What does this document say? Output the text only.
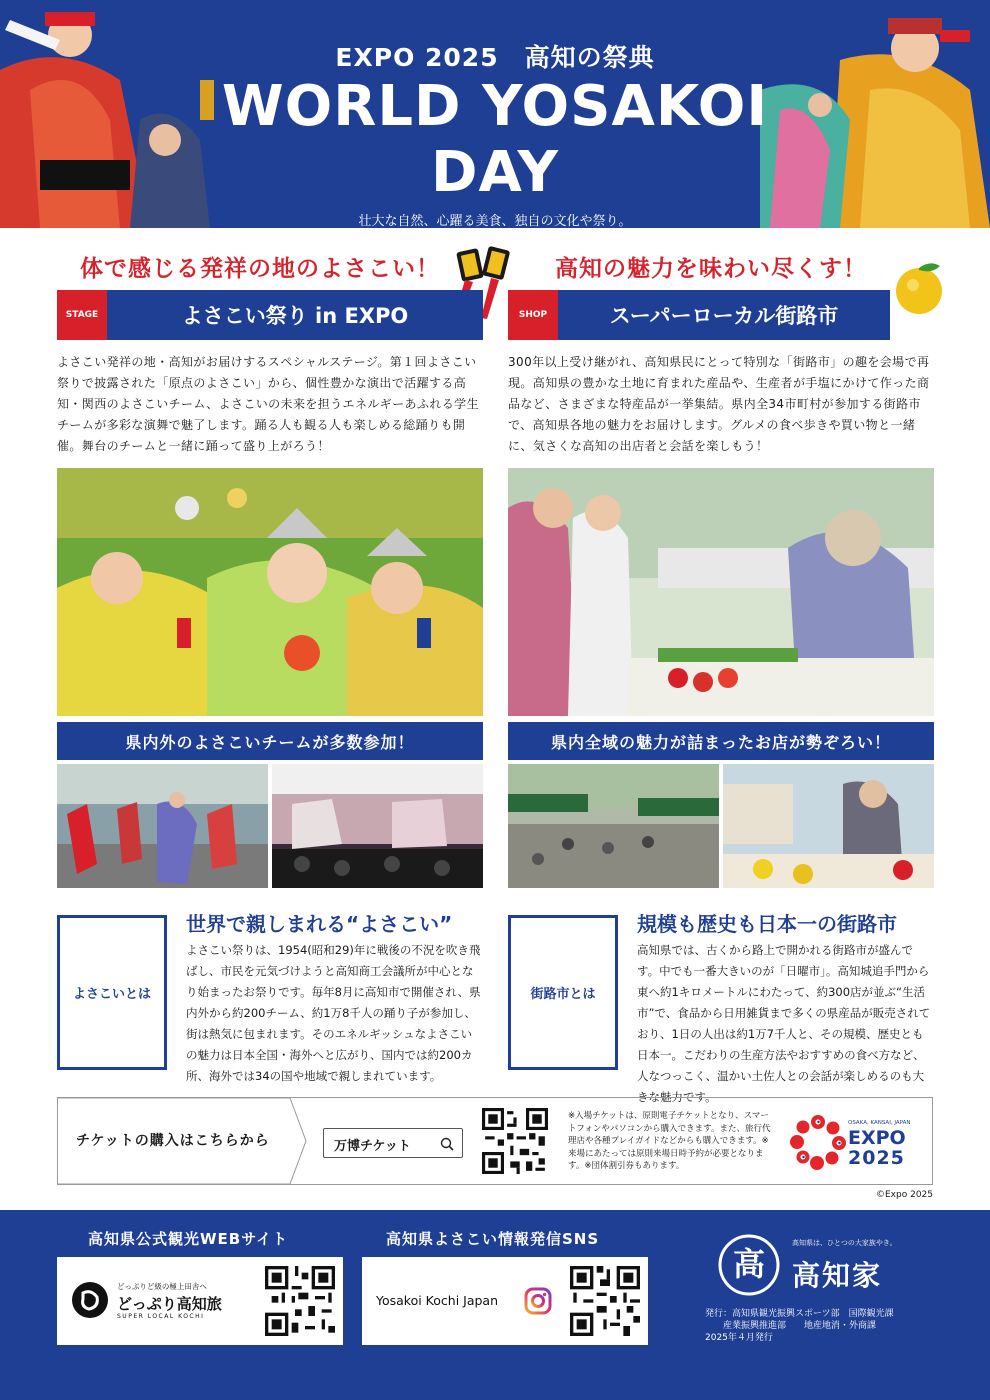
EXPO 2025　高知の祭典
WORLD YOSAKOI DAY
壮大な自然、心躍る美食、独自の文化や祭り。
日本が誇る極上の田舎 “SUPER LOCAL 高知”の魅力を体験できる特別な２日間！
体で感じる発祥の地のよさこい！
STAGE	よさこい祭り in EXPO
よさこい発祥の地・高知がお届けするスペシャルステージ。第１回よさこい祭りで披露された「原点のよさこい」から、個性豊かな演出で活躍する高知・関西のよさこいチーム、よさこいの未来を担うエネルギーあふれる学生チームが多彩な演舞で魅了します。踊る人も観る人も楽しめる総踊りも開催。舞台のチームと一緒に踊って盛り上がろう！
県内外のよさこいチームが多数参加！
高知の魅力を味わい尽くす！
SHOP	スーパーローカル街路市
300年以上受け継がれ、高知県民にとって特別な「街路市」の趣を会場で再現。高知県の豊かな土地に育まれた産品や、生産者が手塩にかけて作った商品など、さまざまな特産品が一挙集結。県内全34市町村が参加する街路市で、高知県各地の魅力をお届けします。グルメの食べ歩きや買い物と一緒に、気さくな高知の出店者と会話を楽しもう！
県内全域の魅力が詰まったお店が勢ぞろい！
よさこいとは
世界で親しまれる“よさこい”
よさこい祭りは、1954(昭和29)年に戦後の不況を吹き飛ばし、市民を元気づけようと高知商工会議所が中心となり始まったお祭りです。毎年8月に高知市で開催され、県内外から約200チーム、約1万8千人の踊り子が参加し、街は熱気に包まれます。そのエネルギッシュなよさこいの魅力は日本全国・海外へと広がり、国内では約200カ所、海外では34の国や地域で親しまれています。
街路市とは
規模も歴史も日本一の街路市
高知県では、古くから路上で開かれる街路市が盛んです。中でも一番大きいのが「日曜市」。高知城追手門から東へ約1キロメートルにわたって、約300店が並ぶ“生活市”で、食品から日用雑貨まで多くの県産品が販売されており、1日の人出は約1万7千人と、その規模、歴史とも日本一。こだわりの生産方法やおすすめの食べ方など、人なつっこく、温かい土佐人との会話が楽しめるのも大きな魅力です。
チケットの購入はこちらから	万博チケット
※入場チケットは、原則電子チケットとなり、スマートフォンやパソコンから購入できます。また、旅行代理店や各種プレイガイドなどからも購入できます。※来場にあたっては原則来場日時予約が必要となります。※団体割引券もあります。
OSAKA, KANSAI, JAPAN
EXPO
2025
©Expo 2025
高知県公式観光WEBサイト
どっぷりど級の極上田舎へ
どっぷり高知旅
SUPER LOCAL KOCHI
高知県よさこい情報発信SNS
Yosakoi Kochi Japan
高
高知県は、ひとつの大家族やき。
高知家
発行：高知県観光振興スポーツ部　国際観光課
産業振興推進部　　地産地消・外商課
2025年４月発行
